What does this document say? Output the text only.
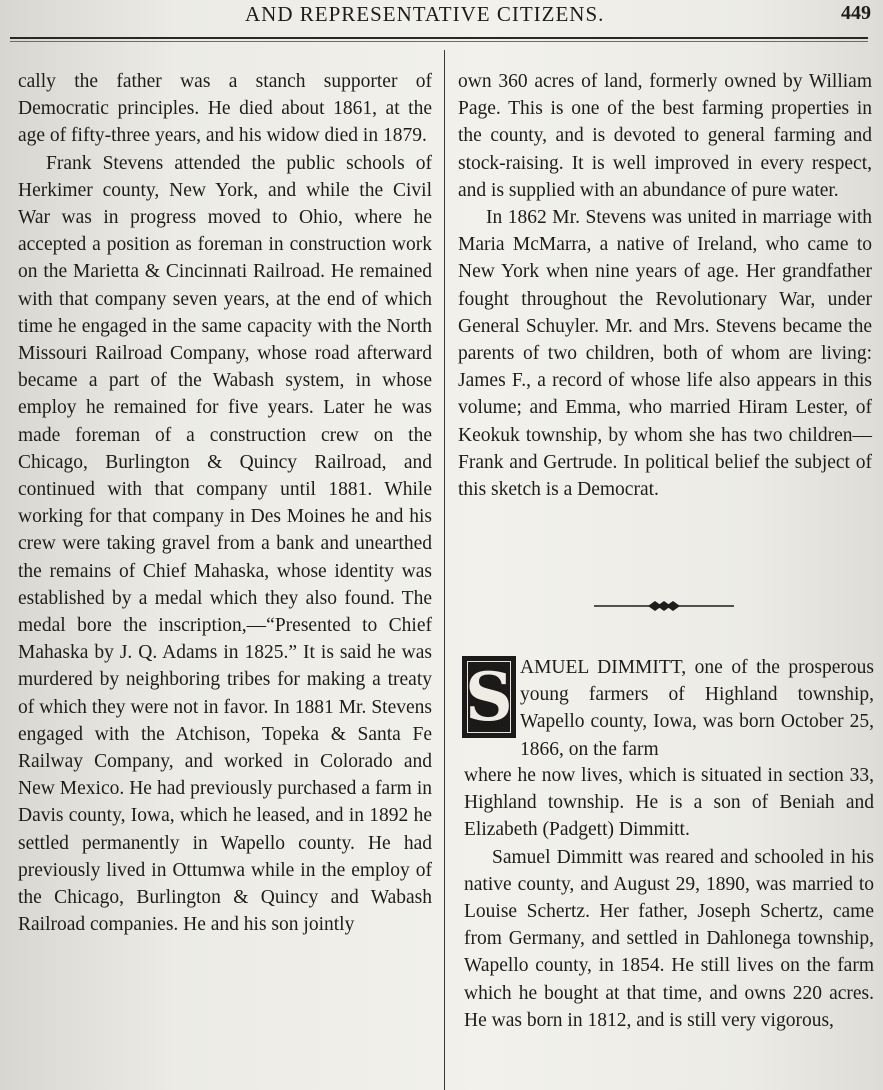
AND REPRESENTATIVE CITIZENS.	449

cally the father was a stanch supporter of Democratic principles. He died about 1861, at the age of fifty-three years, and his widow died in 1879.

Frank Stevens attended the public schools of Herkimer county, New York, and while the Civil War was in progress moved to Ohio, where he accepted a position as foreman in construction work on the Marietta & Cincinnati Railroad. He remained with that company seven years, at the end of which time he engaged in the same capacity with the North Missouri Railroad Company, whose road afterward became a part of the Wabash system, in whose employ he remained for five years. Later he was made foreman of a construction crew on the Chicago, Burlington & Quincy Railroad, and continued with that company until 1881. While working for that company in Des Moines he and his crew were taking gravel from a bank and unearthed the remains of Chief Mahaska, whose identity was established by a medal which they also found. The medal bore the inscription,—“Presented to Chief Mahaska by J. Q. Adams in 1825.” It is said he was murdered by neighboring tribes for making a treaty of which they were not in favor. In 1881 Mr. Stevens engaged with the Atchison, Topeka & Santa Fe Railway Company, and worked in Colorado and New Mexico. He had previously purchased a farm in Davis county, Iowa, which he leased, and in 1892 he settled permanently in Wapello county. He had previously lived in Ottumwa while in the employ of the Chicago, Burlington & Quincy and Wabash Railroad companies. He and his son jointly

own 360 acres of land, formerly owned by William Page. This is one of the best farming properties in the county, and is devoted to general farming and stock-raising. It is well improved in every respect, and is supplied with an abundance of pure water.

In 1862 Mr. Stevens was united in marriage with Maria McMarra, a native of Ireland, who came to New York when nine years of age. Her grandfather fought throughout the Revolutionary War, under General Schuyler. Mr. and Mrs. Stevens became the parents of two children, both of whom are living: James F., a record of whose life also appears in this volume; and Emma, who married Hiram Lester, of Keokuk township, by whom she has two children—Frank and Gertrude. In political belief the subject of this sketch is a Democrat.

S AMUEL DIMMITT, one of the prosperous young farmers of Highland township, Wapello county, Iowa, was born October 25, 1866, on the farm

where he now lives, which is situated in section 33, Highland township. He is a son of Beniah and Elizabeth (Padgett) Dimmitt.

Samuel Dimmitt was reared and schooled in his native county, and August 29, 1890, was married to Louise Schertz. Her father, Joseph Schertz, came from Germany, and settled in Dahlonega township, Wapello county, in 1854. He still lives on the farm which he bought at that time, and owns 220 acres. He was born in 1812, and is still very vigorous,
